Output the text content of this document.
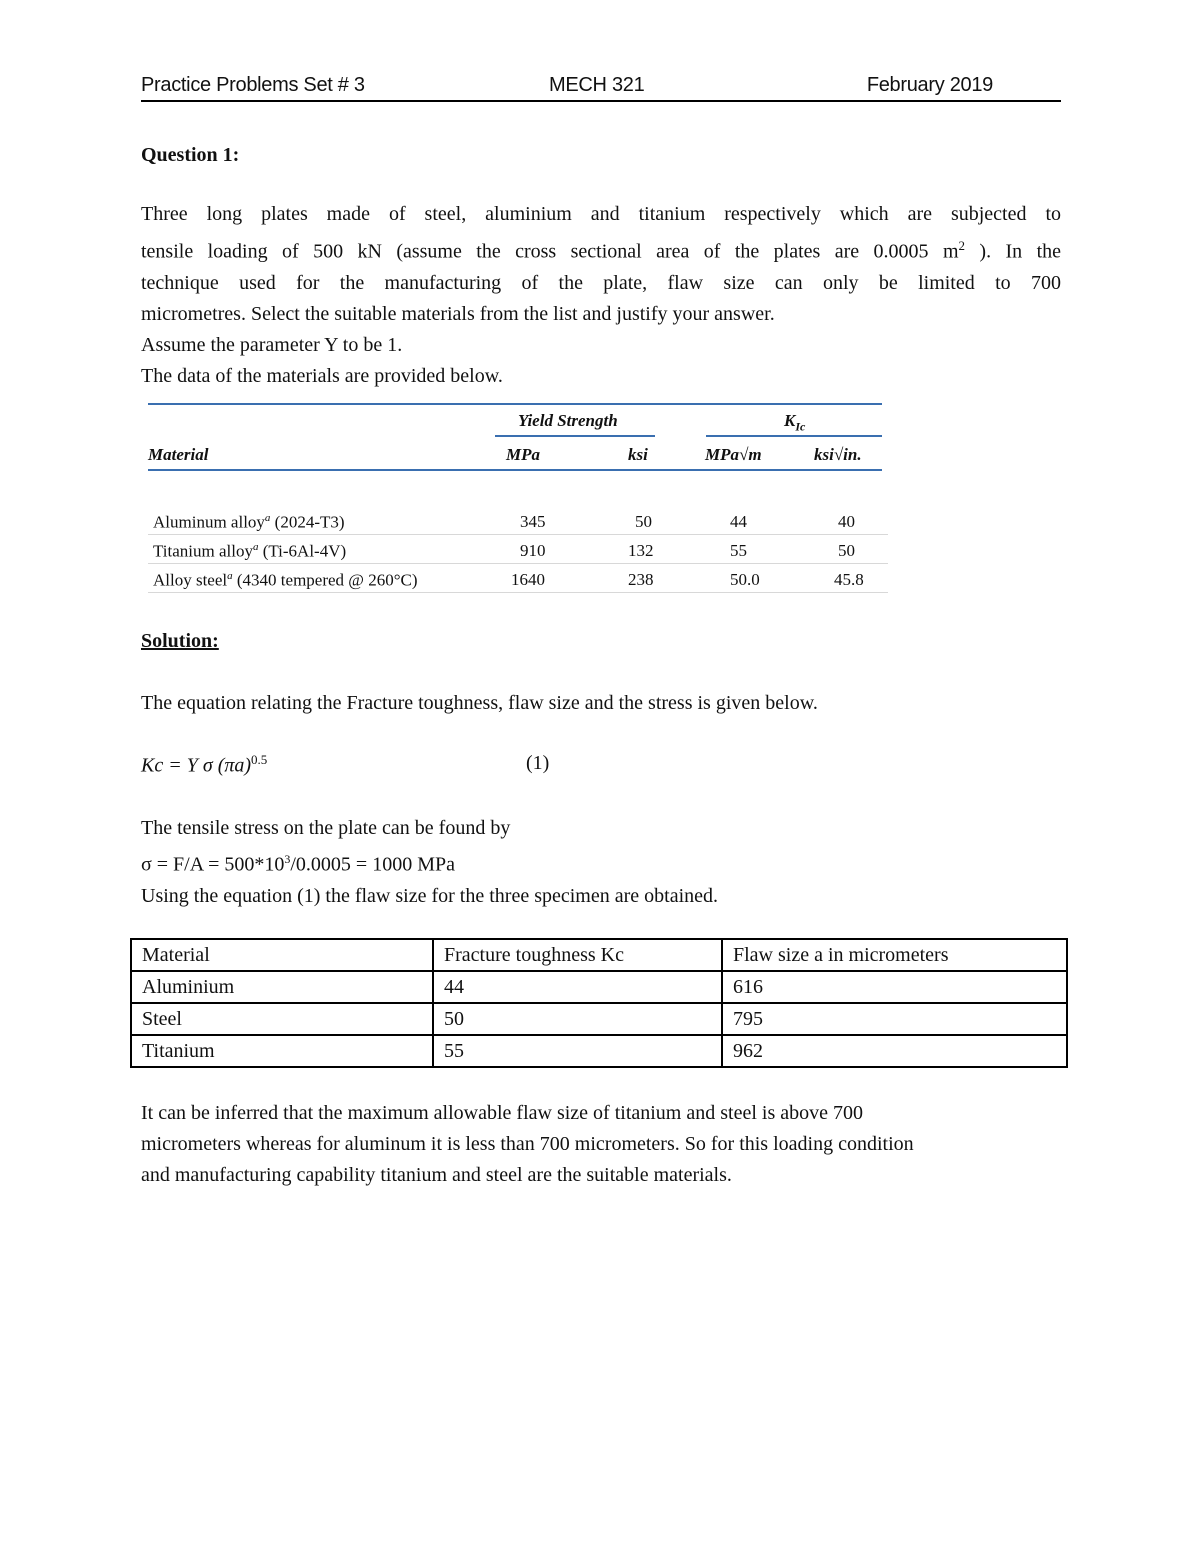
Practice Problems Set # 3	MECH 321	February 2019
Question 1:
Three long plates made of steel, aluminium and titanium respectively which are subjected to
tensile loading of 500 kN (assume the cross sectional area of the plates are 0.0005 $m^2$ ). In the
technique used for the manufacturing of the plate, flaw size can only be limited to 700
micrometres. Select the suitable materials from the list and justify your answer.
Assume the parameter Y to be 1.
The data of the materials are provided below.
Yield Strength	$K_{Ic}$
Material	MPa	ksi	MPa√m	ksi√in.
Aluminum alloy$^a$ (2024-T3)	345	50	44	40
Titanium alloy$^a$ (Ti-6Al-4V)	910	132	55	50
Alloy steel$^a$ (4340 tempered @ 260°C)	1640	238	50.0	45.8
Solution:
The equation relating the Fracture toughness, flaw size and the stress is given below.
Kc = Y σ $(\pi a)^{0.5}$	(1)
The tensile stress on the plate can be found by
$\sigma = F/A = 500*10^3/0.0005 = 1000$ MPa
Using the equation (1) the flaw size for the three specimen are obtained.
Material	Fracture toughness Kc	Flaw size a in micrometers
Aluminium	44	616
Steel	50	795
Titanium	55	962
It can be inferred that the maximum allowable flaw size of titanium and steel is above 700
micrometers whereas for aluminum it is less than 700 micrometers. So for this loading condition
and manufacturing capability titanium and steel are the suitable materials.
